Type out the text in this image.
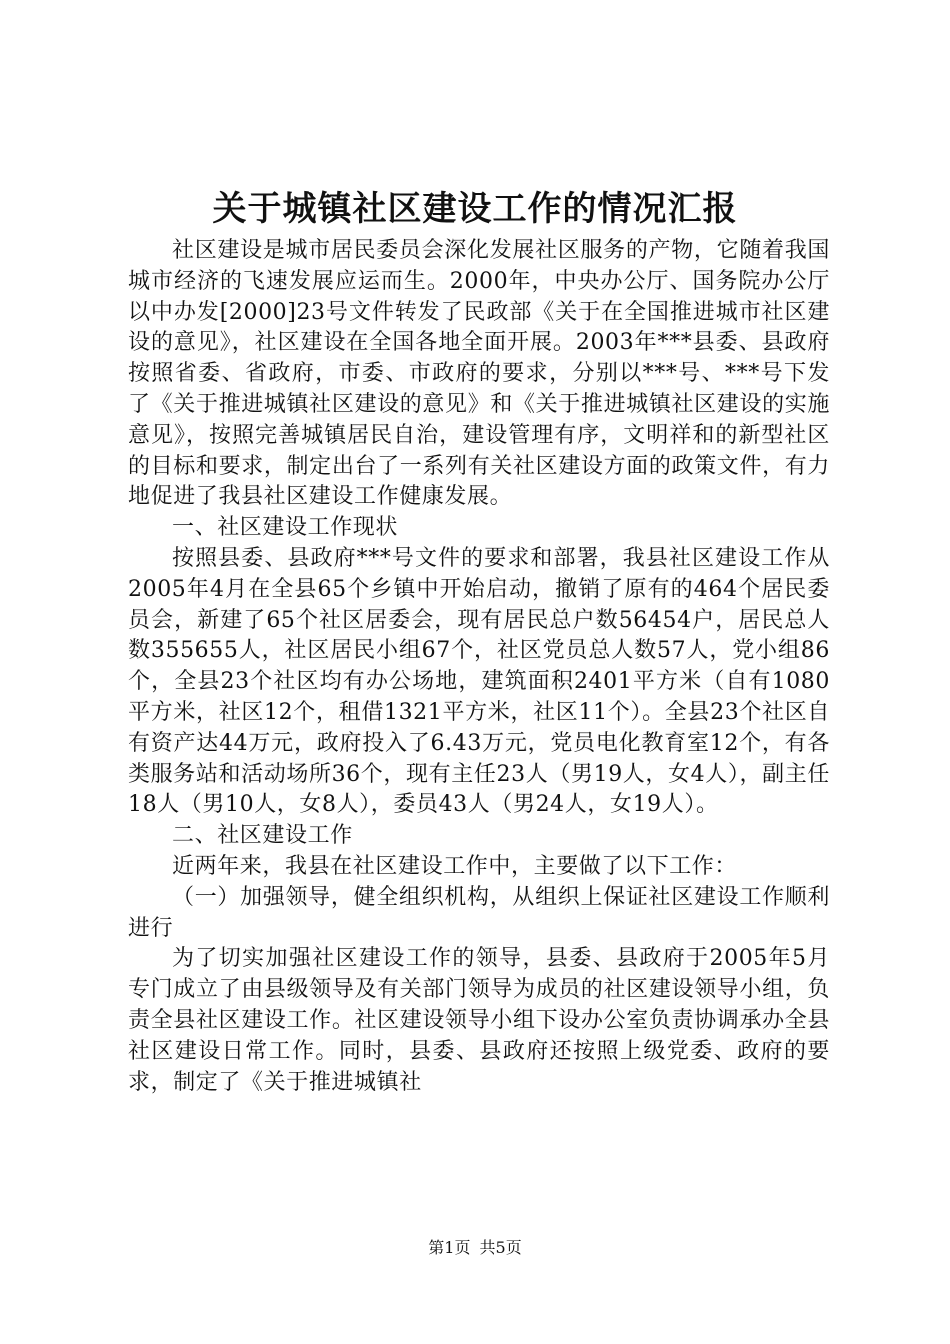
关于城镇社区建设工作的情况汇报

社区建设是城市居民委员会深化发展社区服务的产物，它随着我国城市经济的飞速发展应运而生。2000年，中央办公厅、国务院办公厅以中办发[2000]23号文件转发了民政部《关于在全国推进城市社区建设的意见》，社区建设在全国各地全面开展。2003年***县委、县政府按照省委、省政府，市委、市政府的要求，分别以***号、***号下发了《关于推进城镇社区建设的意见》和《关于推进城镇社区建设的实施意见》，按照完善城镇居民自治，建设管理有序，文明祥和的新型社区的目标和要求，制定出台了一系列有关社区建设方面的政策文件，有力地促进了我县社区建设工作健康发展。

一、社区建设工作现状

按照县委、县政府***号文件的要求和部署，我县社区建设工作从2005年4月在全县65个乡镇中开始启动，撤销了原有的464个居民委员会，新建了65个社区居委会，现有居民总户数56454户，居民总人数355655人，社区居民小组67个，社区党员总人数57人，党小组86个，全县23个社区均有办公场地，建筑面积2401平方米（自有1080平方米，社区12个，租借1321平方米，社区11个）。全县23个社区自有资产达44万元，政府投入了6.43万元，党员电化教育室12个，有各类服务站和活动场所36个，现有主任23人（男19人，女4人），副主任18人（男10人，女8人），委员43人（男24人，女19人）。

二、社区建设工作

近两年来，我县在社区建设工作中，主要做了以下工作：

（一）加强领导，健全组织机构，从组织上保证社区建设工作顺利进行

为了切实加强社区建设工作的领导，县委、县政府于2005年5月专门成立了由县级领导及有关部门领导为成员的社区建设领导小组，负责全县社区建设工作。社区建设领导小组下设办公室负责协调承办全县社区建设日常工作。同时，县委、县政府还按照上级党委、政府的要求，制定了《关于推进城镇社

第1页 共5页
